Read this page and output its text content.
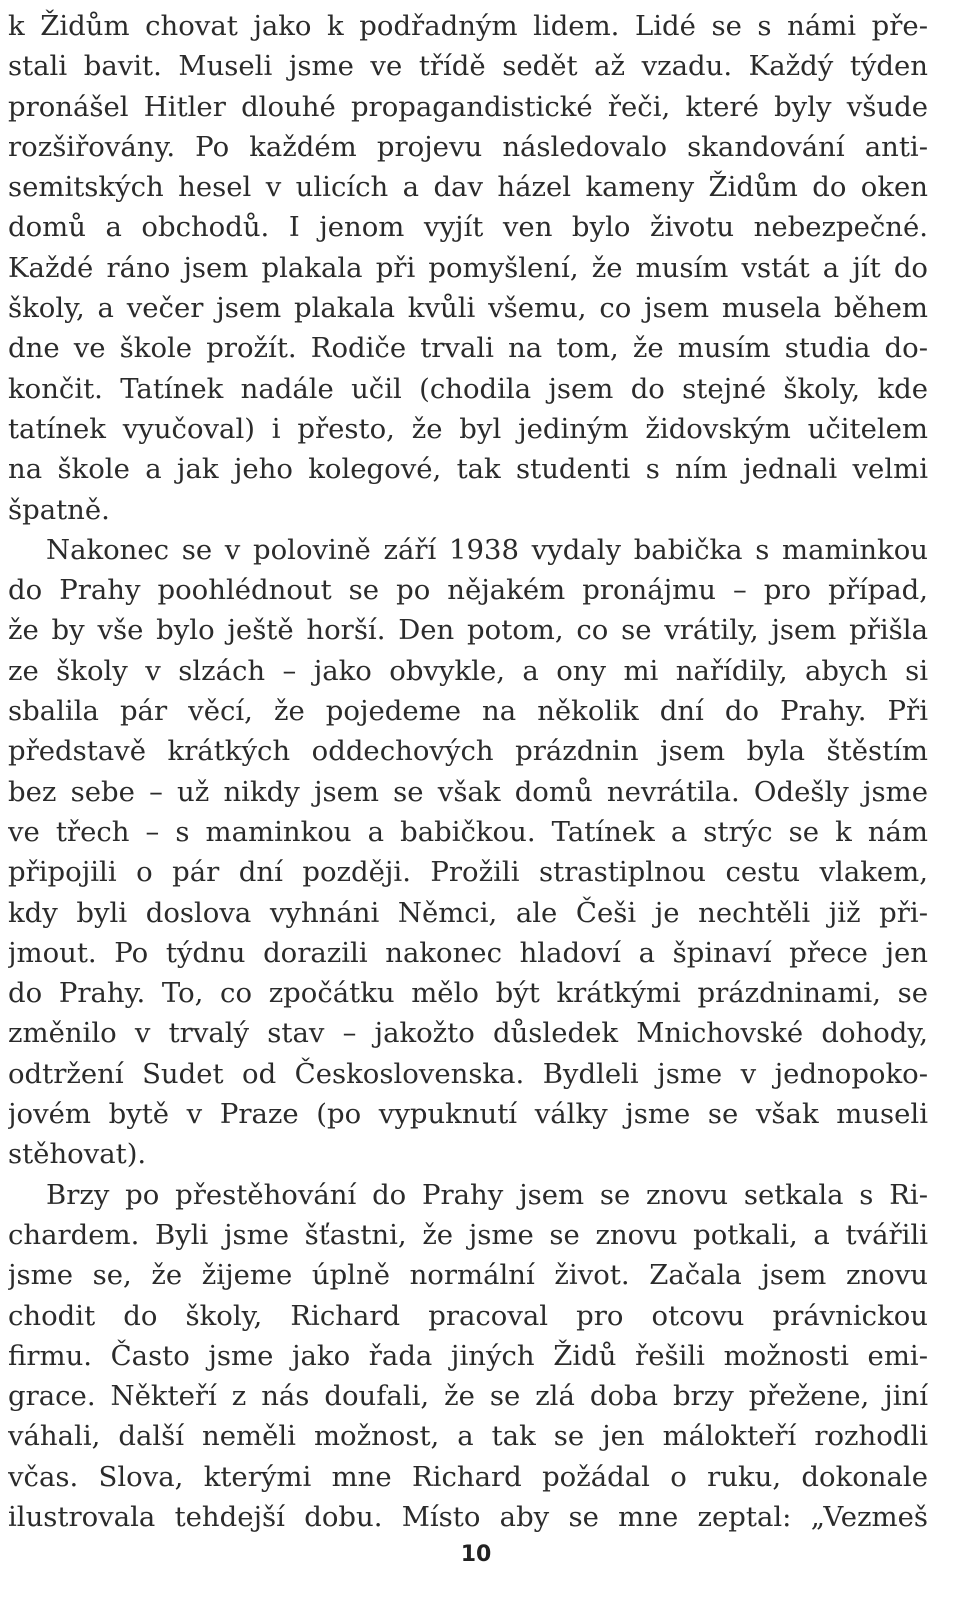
k Židům chovat jako k podřadným lidem. Lidé se s námi pře-
stali bavit. Museli jsme ve třídě sedět až vzadu. Každý týden
pronášel Hitler dlouhé propagandistické řeči, které byly všude
rozšiřovány. Po každém projevu následovalo skandování anti-
semitských hesel v ulicích a dav házel kameny Židům do oken
domů a obchodů. I jenom vyjít ven bylo životu nebezpečné.
Každé ráno jsem plakala při pomyšlení, že musím vstát a jít do
školy, a večer jsem plakala kvůli všemu, co jsem musela během
dne ve škole prožít. Rodiče trvali na tom, že musím studia do-
končit. Tatínek nadále učil (chodila jsem do stejné školy, kde
tatínek vyučoval) i přesto, že byl jediným židovským učitelem
na škole a jak jeho kolegové, tak studenti s ním jednali velmi
špatně.
Nakonec se v polovině září 1938 vydaly babička s maminkou
do Prahy poohlédnout se po nějakém pronájmu – pro případ,
že by vše bylo ještě horší. Den potom, co se vrátily, jsem přišla
ze školy v slzách – jako obvykle, a ony mi nařídily, abych si
sbalila pár věcí, že pojedeme na několik dní do Prahy. Při
představě krátkých oddechových prázdnin jsem byla štěstím
bez sebe – už nikdy jsem se však domů nevrátila. Odešly jsme
ve třech – s maminkou a babičkou. Tatínek a strýc se k nám
připojili o pár dní později. Prožili strastiplnou cestu vlakem,
kdy byli doslova vyhnáni Němci, ale Češi je nechtěli již při-
jmout. Po týdnu dorazili nakonec hladoví a špinaví přece jen
do Prahy. To, co zpočátku mělo být krátkými prázdninami, se
změnilo v trvalý stav – jakožto důsledek Mnichovské dohody,
odtržení Sudet od Československa. Bydleli jsme v jednopoko-
jovém bytě v Praze (po vypuknutí války jsme se však museli
stěhovat).
Brzy po přestěhování do Prahy jsem se znovu setkala s Ri-
chardem. Byli jsme šťastni, že jsme se znovu potkali, a tvářili
jsme se, že žijeme úplně normální život. Začala jsem znovu
chodit do školy, Richard pracoval pro otcovu právnickou
firmu. Často jsme jako řada jiných Židů řešili možnosti emi-
grace. Někteří z nás doufali, že se zlá doba brzy přežene, jiní
váhali, další neměli možnost, a tak se jen málokteří rozhodli
včas. Slova, kterými mne Richard požádal o ruku, dokonale
ilustrovala tehdejší dobu. Místo aby se mne zeptal: „Vezmeš
10
